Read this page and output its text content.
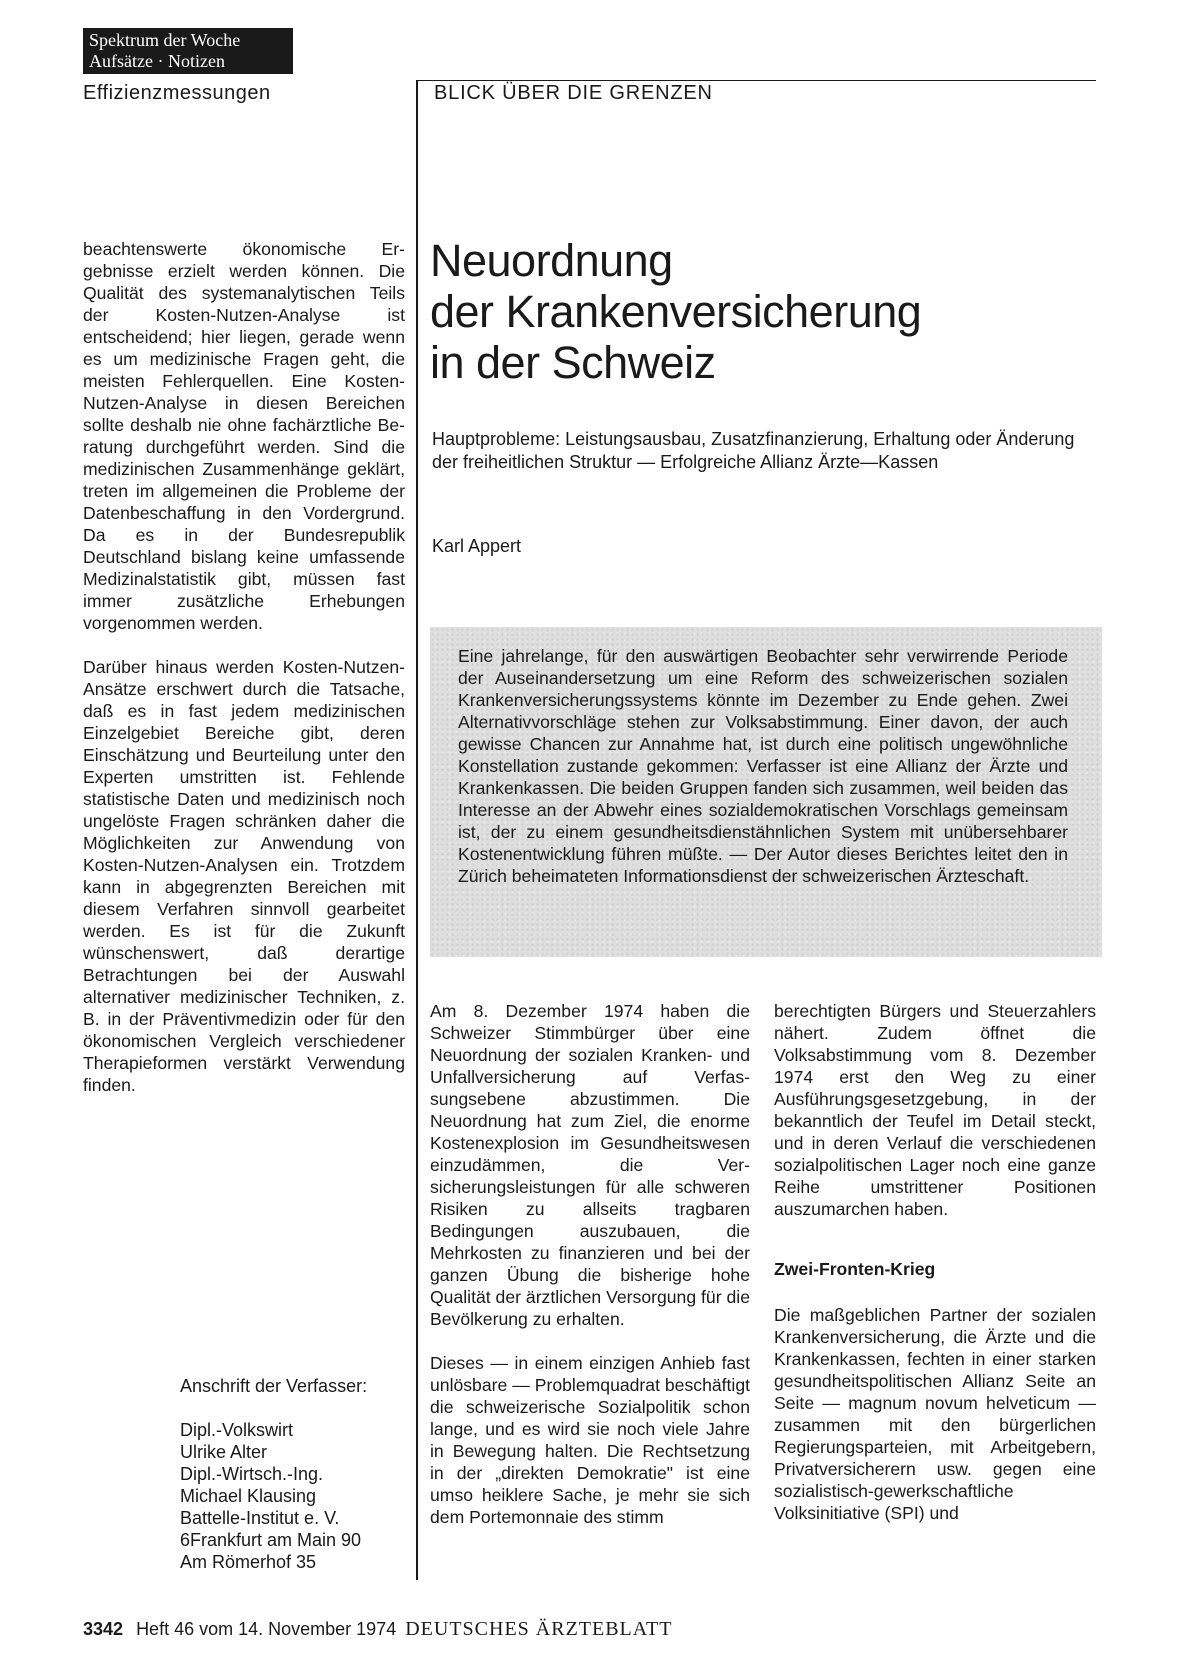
Spektrum der Woche
Aufsätze · Notizen
Effizienzmessungen	BLICK ÜBER DIE GRENZEN

beachtenswerte ökonomische Ergebnisse erzielt werden können. Die Qualität des systemanalytischen Teils der Kosten-Nutzen-Analyse ist entscheidend; hier liegen, gerade wenn es um medizinische Fragen geht, die meisten Fehlerquellen. Eine Kosten-Nutzen-Analyse in diesen Bereichen sollte deshalb nie ohne fachärztliche Beratung durchgeführt werden. Sind die medizinischen Zusammenhänge geklärt, treten im allgemeinen die Probleme der Datenbeschaffung in den Vordergrund. Da es in der Bundesrepublik Deutschland bislang keine umfassende Medizinalstatistik gibt, müssen fast immer zusätzliche Erhebungen vorgenommen werden.

Darüber hinaus werden Kosten-Nutzen-Ansätze erschwert durch die Tatsache, daß es in fast jedem medizinischen Einzelgebiet Bereiche gibt, deren Einschätzung und Beurteilung unter den Experten umstritten ist. Fehlende statistische Daten und medizinisch noch ungelöste Fragen schränken daher die Möglichkeiten zur Anwendung von Kosten-Nutzen-Analysen ein. Trotzdem kann in abgegrenzten Bereichen mit diesem Verfahren sinnvoll gearbeitet werden. Es ist für die Zukunft wünschenswert, daß derartige Betrachtungen bei der Auswahl alternativer medizinischer Techniken, z. B. in der Präventivmedizin oder für den ökonomischen Vergleich verschiedener Therapieformen verstärkt Verwendung finden.

Anschrift der Verfasser:
Dipl.-Volkswirt
Ulrike Alter
Dipl.-Wirtsch.-Ing.
Michael Klausing
Battelle-Institut e. V.
6Frankfurt am Main 90
Am Römerhof 35
Neuordnung
der Krankenversicherung
in der Schweiz
Hauptprobleme: Leistungsausbau, Zusatzfinanzierung, Erhaltung oder Änderung der freiheitlichen Struktur — Erfolgreiche Allianz Ärzte—Kassen
Karl Appert
Eine jahrelange, für den auswärtigen Beobachter sehr verwirrende Periode der Auseinandersetzung um eine Reform des schweizerischen sozialen Krankenversicherungssystems könnte im Dezember zu Ende gehen. Zwei Alternativvorschläge stehen zur Volksabstimmung. Einer davon, der auch gewisse Chancen zur Annahme hat, ist durch eine politisch ungewöhnliche Konstellation zustande gekommen: Verfasser ist eine Allianz der Ärzte und Krankenkassen. Die beiden Gruppen fanden sich zusammen, weil beiden das Interesse an der Abwehr eines sozialdemokratischen Vorschlags gemeinsam ist, der zu einem gesundheitsdienstähnlichen System mit unübersehbarer Kostenentwicklung führen müßte. — Der Autor dieses Berichtes leitet den in Zürich beheimateten Informationsdienst der schweizerischen Ärzteschaft.

Am 8. Dezember 1974 haben die Schweizer Stimmbürger über eine Neuordnung der sozialen Kranken- und Unfallversicherung auf Verfassungsebene abzustimmen. Die Neuordnung hat zum Ziel, die enorme Kostenexplosion im Gesundheitswesen einzudämmen, die Versicherungsleistungen für alle schweren Risiken zu allseits tragbaren Bedingungen auszubauen, die Mehrkosten zu finanzieren und bei der ganzen Übung die bisherige hohe Qualität der ärztlichen Versorgung für die Bevölkerung zu erhalten.

Dieses — in einem einzigen Anhieb fast unlösbare — Problemquadrat beschäftigt die schweizerische Sozialpolitik schon lange, und es wird sie noch viele Jahre in Bewegung halten. Die Rechtsetzung in der „direkten Demokratie" ist eine umso heiklere Sache, je mehr sie sich dem Portemonnaie des stimm

berechtigten Bürgers und Steuerzahlers nähert. Zudem öffnet die Volksabstimmung vom 8. Dezember 1974 erst den Weg zu einer Ausführungsgesetzgebung, in der bekanntlich der Teufel im Detail steckt, und in deren Verlauf die verschiedenen sozialpolitischen Lager noch eine ganze Reihe umstrittener Positionen auszumarchen haben.

Zwei-Fronten-Krieg

Die maßgeblichen Partner der sozialen Krankenversicherung, die Ärzte und die Krankenkassen, fechten in einer starken gesundheitspolitischen Allianz Seite an Seite — magnum novum helveticum — zusammen mit den bürgerlichen Regierungsparteien, mit Arbeitgebern, Privatversicherern usw. gegen eine sozialistisch-gewerkschaftliche Volksinitiative (SPI) und

3342 Heft 46 vom 14. November 1974 DEUTSCHES ÄRZTEBLATT
